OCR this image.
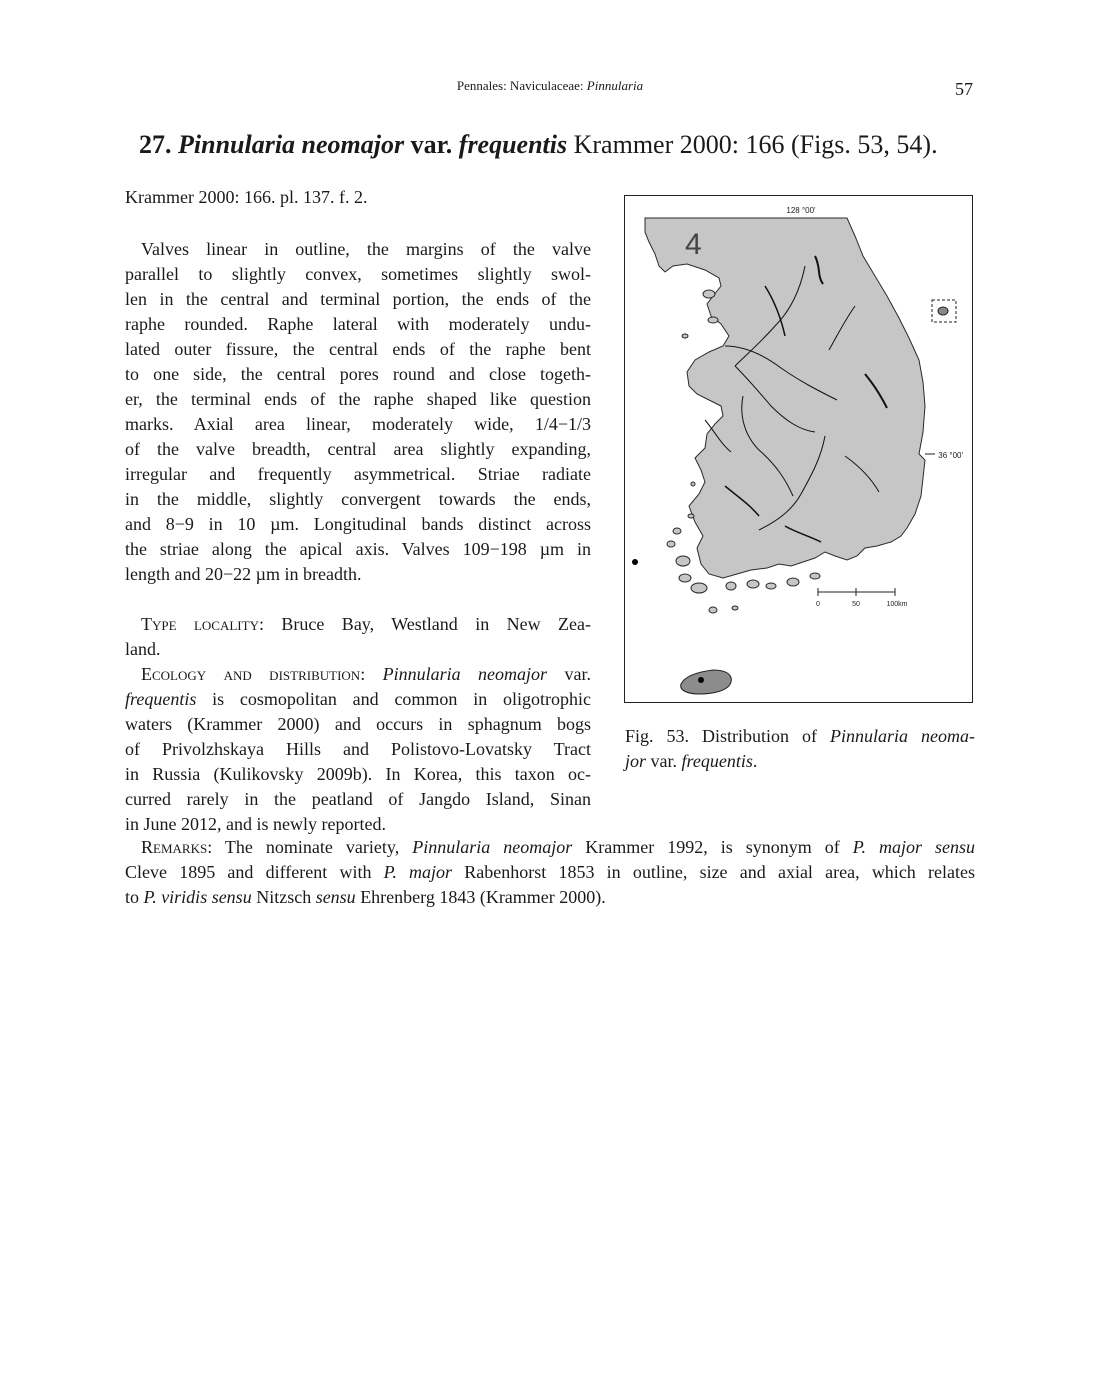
Pennales: Naviculaceae: Pinnularia	57
27. Pinnularia neomajor var. frequentis Krammer 2000: 166 (Figs. 53, 54).
Krammer 2000: 166. pl. 137. f. 2.
Valves linear in outline, the margins of the valve
parallel to slightly convex, sometimes slightly swol-
len in the central and terminal portion, the ends of the
raphe rounded. Raphe lateral with moderately undu-
lated outer fissure, the central ends of the raphe bent
to one side, the central pores round and close togeth-
er, the terminal ends of the raphe shaped like question
marks. Axial area linear, moderately wide, 1/4−1/3
of the valve breadth, central area slightly expanding,
irregular and frequently asymmetrical. Striae radiate
in the middle, slightly convergent towards the ends,
and 8−9 in 10 µm. Longitudinal bands distinct across
the striae along the apical axis. Valves 109−198 µm in
length and 20−22 µm in breadth.
Type locality: Bruce Bay, Westland in New Zea-
land.
Ecology and distribution: Pinnularia neomajor var.
frequentis is cosmopolitan and common in oligotrophic
waters (Krammer 2000) and occurs in sphagnum bogs
of Privolzhskaya Hills and Polistovo-Lovatsky Tract
in Russia (Kulikovsky 2009b). In Korea, this taxon oc-
curred rarely in the peatland of Jangdo Island, Sinan
in June 2012, and is newly reported.
Remarks: The nominate variety, Pinnularia neomajor Krammer 1992, is synonym of P. major sensu
Cleve 1895 and different with P. major Rabenhorst 1853 in outline, size and axial area, which relates
to P. viridis sensu Nitzsch sensu Ehrenberg 1843 (Krammer 2000).
128 °00'
4
36 °00'
0	50	100km
Fig. 53. Distribution of Pinnularia neoma-
jor var. frequentis.
